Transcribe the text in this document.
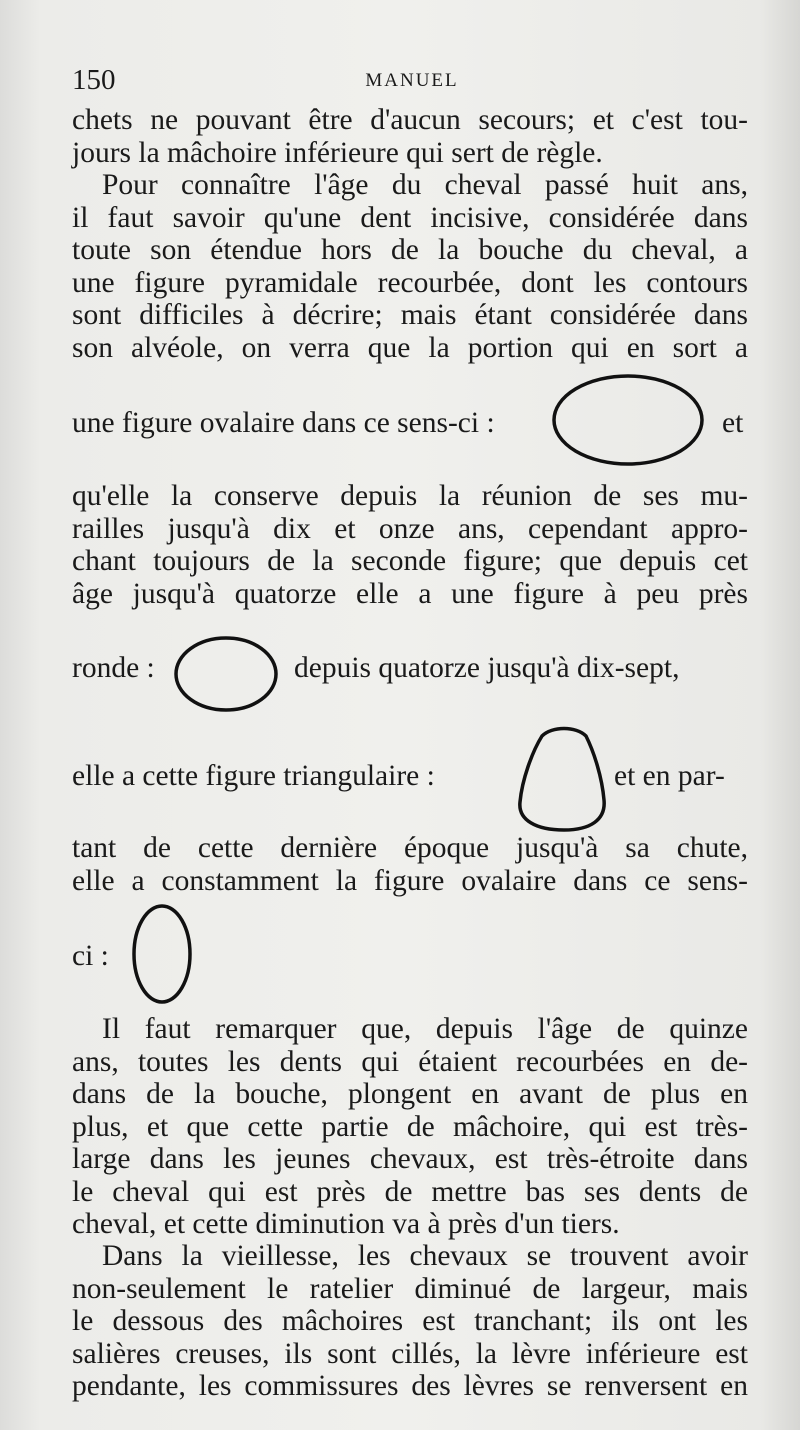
150	MANUEL
chets ne pouvant être d'aucun secours; et c'est tou-
jours la mâchoire inférieure qui sert de règle.
Pour connaître l'âge du cheval passé huit ans,
il faut savoir qu'une dent incisive, considérée dans
toute son étendue hors de la bouche du cheval, a
une figure pyramidale recourbée, dont les contours
sont difficiles à décrire; mais étant considérée dans
son alvéole, on verra que la portion qui en sort a
une figure ovalaire dans ce sens-ci :	et
qu'elle la conserve depuis la réunion de ses mu-
railles jusqu'à dix et onze ans, cependant appro-
chant toujours de la seconde figure; que depuis cet
âge jusqu'à quatorze elle a une figure à peu près
ronde :	depuis quatorze jusqu'à dix-sept,
elle a cette figure triangulaire :	et en par-
tant de cette dernière époque jusqu'à sa chute,
elle a constamment la figure ovalaire dans ce sens-
ci :
Il faut remarquer que, depuis l'âge de quinze
ans, toutes les dents qui étaient recourbées en de-
dans de la bouche, plongent en avant de plus en
plus, et que cette partie de mâchoire, qui est très-
large dans les jeunes chevaux, est très-étroite dans
le cheval qui est près de mettre bas ses dents de
cheval, et cette diminution va à près d'un tiers.
Dans la vieillesse, les chevaux se trouvent avoir
non-seulement le ratelier diminué de largeur, mais
le dessous des mâchoires est tranchant; ils ont les
salières creuses, ils sont cillés, la lèvre inférieure est
pendante, les commissures des lèvres se renversent en
